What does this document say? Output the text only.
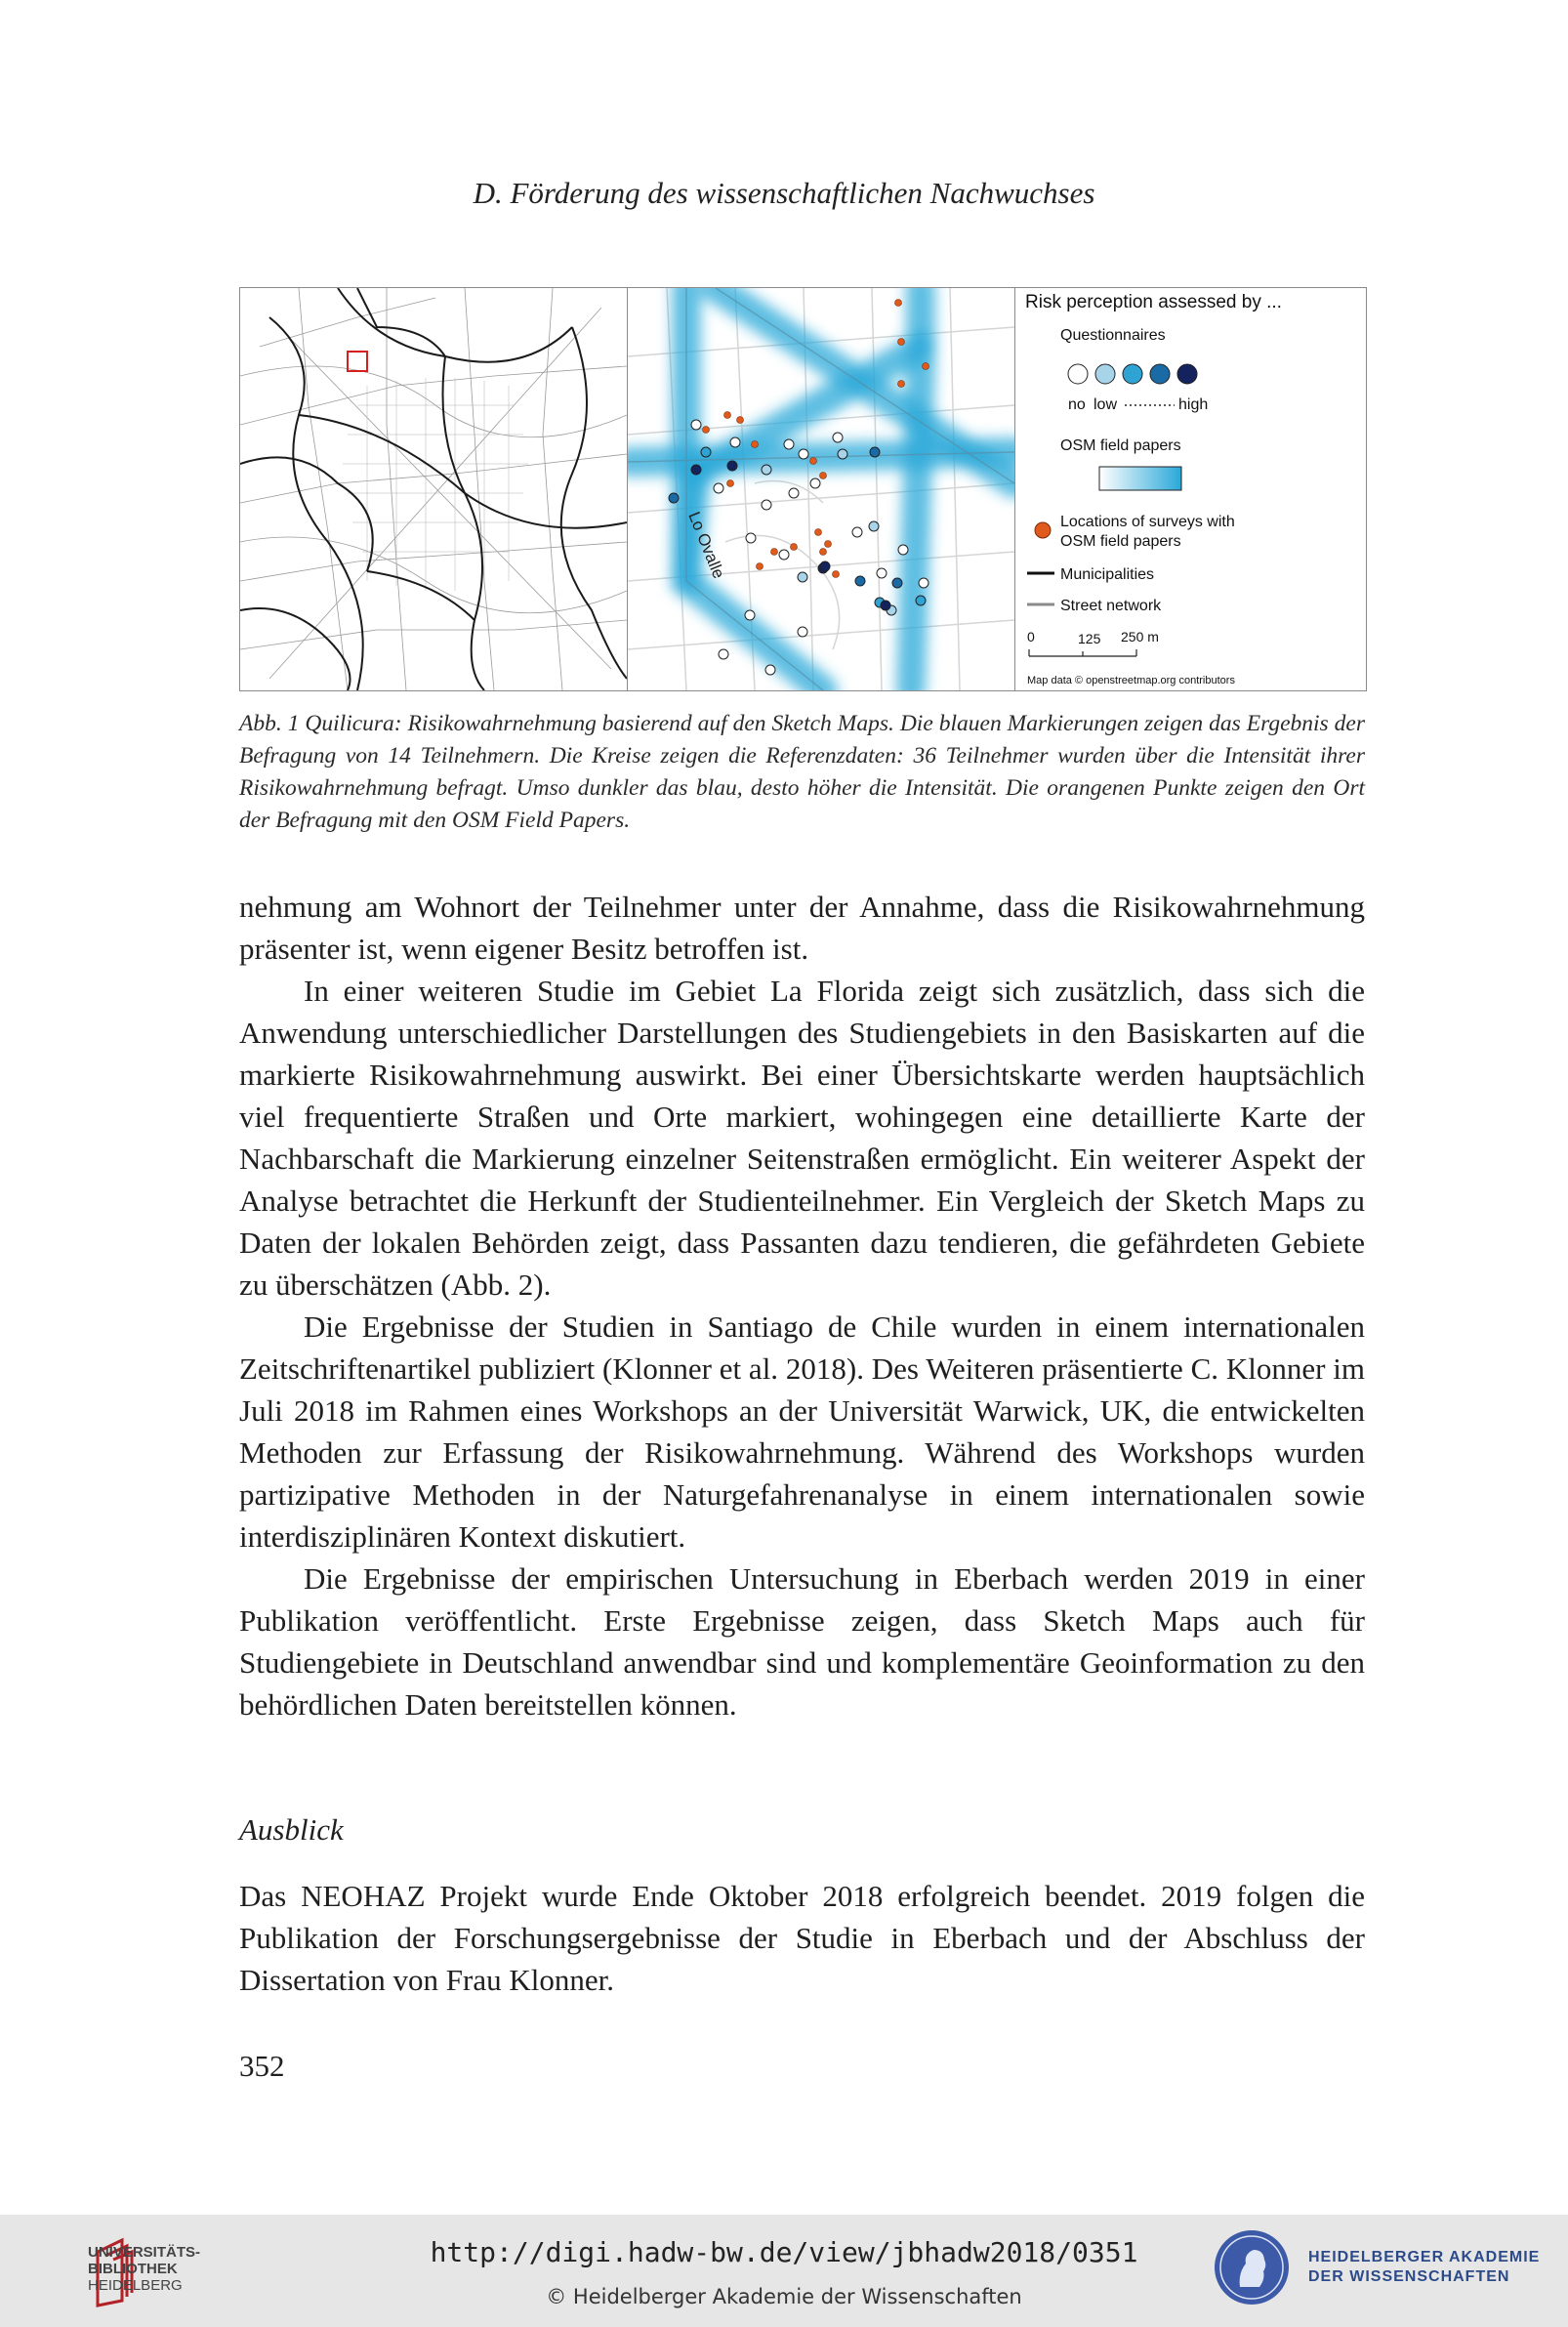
D. Förderung des wissenschaftlichen Nachwuchses
Lo Ovalle
Risk perception assessed by ...
Questionnaires
no low	high
OSM field papers
Locations of surveys with
OSM field papers
Municipalities
Street network
0	125 250 m
Map data © openstreetmap.org contributors

Abb. 1 Quilicura: Risikowahrnehmung basierend auf den Sketch Maps. Die blauen Markierungen zeigen das Ergebnis der Befragung von 14 Teilnehmern. Die Kreise zeigen die Referenzdaten: 36 Teilnehmer wurden über die Intensität ihrer Risikowahrnehmung befragt. Umso dunkler das blau, desto höher die Intensität. Die orangenen Punkte zeigen den Ort der Befragung mit den OSM Field Papers.

nehmung am Wohnort der Teilnehmer unter der Annahme, dass die Risikowahrnehmung präsenter ist, wenn eigener Besitz betroffen ist.

In einer weiteren Studie im Gebiet La Florida zeigt sich zusätzlich, dass sich die Anwendung unterschiedlicher Darstellungen des Studiengebiets in den Basiskarten auf die markierte Risikowahrnehmung auswirkt. Bei einer Übersichtskarte werden hauptsächlich viel frequentierte Straßen und Orte markiert, wohingegen eine detaillierte Karte der Nachbarschaft die Markierung einzelner Seitenstraßen ermöglicht. Ein weiterer Aspekt der Analyse betrachtet die Herkunft der Studienteilnehmer. Ein Vergleich der Sketch Maps zu Daten der lokalen Behörden zeigt, dass Passanten dazu tendieren, die gefährdeten Gebiete zu überschätzen (Abb. 2).

Die Ergebnisse der Studien in Santiago de Chile wurden in einem internationalen Zeitschriftenartikel publiziert (Klonner et al. 2018). Des Weiteren präsentierte C. Klonner im Juli 2018 im Rahmen eines Workshops an der Universität Warwick, UK, die entwickelten Methoden zur Erfassung der Risikowahrnehmung. Während des Workshops wurden partizipative Methoden in der Naturgefahrenanalyse in einem internationalen sowie interdisziplinären Kontext diskutiert.

Die Ergebnisse der empirischen Untersuchung in Eberbach werden 2019 in einer Publikation veröffentlicht. Erste Ergebnisse zeigen, dass Sketch Maps auch für Studiengebiete in Deutschland anwendbar sind und komplementäre Geoinformation zu den behördlichen Daten bereitstellen können.

Ausblick

Das NEOHAZ Projekt wurde Ende Oktober 2018 erfolgreich beendet. 2019 folgen die Publikation der Forschungsergebnisse der Studie in Eberbach und der Abschluss der Dissertation von Frau Klonner.

352
UNIVERSITÄTS-
BIBLIOTHEK
HEIDELBERG
http://digi.hadw-bw.de/view/jbhadw2018/0351
© Heidelberger Akademie der Wissenschaften
HEIDELBERGER AKADEMIE
DER WISSENSCHAFTEN
